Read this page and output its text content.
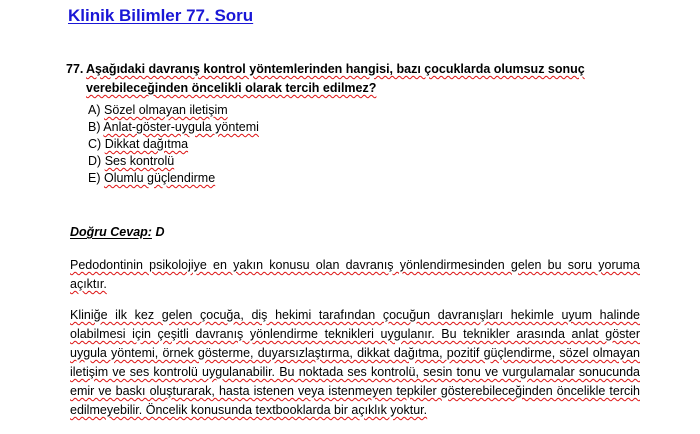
Klinik Bilimler 77. Soru
77. Aşağıdaki davranış kontrol yöntemlerinden hangisi, bazı çocuklarda olumsuz sonuç
verebileceğinden öncelikli olarak tercih edilmez?
A) Sözel olmayan iletişim
B) Anlat-göster-uygula yöntemi
C) Dikkat dağıtma
D) Ses kontrolü
E) Olumlu güçlendirme
Doğru Cevap: D

Pedodontinin psikolojiye en yakın konusu olan davranış yönlendirmesinden gelen bu soru yoruma açıktır.

Kliniğe ilk kez gelen çocuğa, diş hekimi tarafından çocuğun davranışları hekimle uyum halinde olabilmesi için çeşitli davranış yönlendirme teknikleri uygulanır. Bu teknikler arasında anlat göster uygula yöntemi, örnek gösterme, duyarsızlaştırma, dikkat dağıtma, pozitif güçlendirme, sözel olmayan iletişim ve ses kontrolü uygulanabilir. Bu noktada ses kontrolü, sesin tonu ve vurgulamalar sonucunda emir ve baskı oluşturarak, hasta istenen veya istenmeyen tepkiler gösterebileceğinden öncelikle tercih edilmeyebilir. Öncelik konusunda textbooklarda bir açıklık yoktur.
